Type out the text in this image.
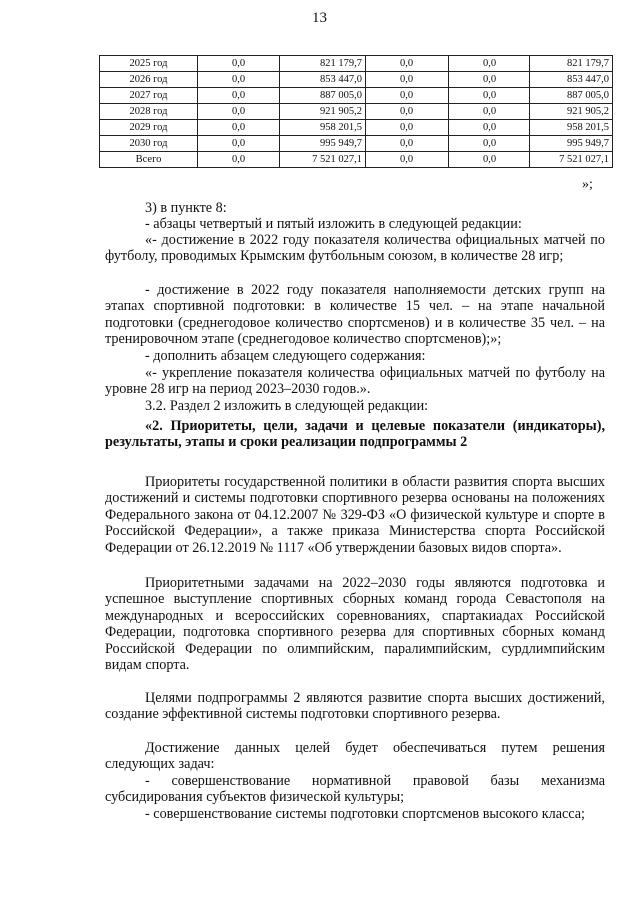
13
2025 год	0,0	821 179,7	0,0	0,0	821 179,7
2026 год	0,0	853 447,0	0,0	0,0	853 447,0
2027 год	0,0	887 005,0	0,0	0,0	887 005,0
2028 год	0,0	921 905,2	0,0	0,0	921 905,2
2029 год	0,0	958 201,5	0,0	0,0	958 201,5
2030 год	0,0	995 949,7	0,0	0,0	995 949,7
Всего	0,0	7 521 027,1	0,0	0,0	7 521 027,1
»;

3) в пункте 8:

- абзацы четвертый и пятый изложить в следующей редакции:

«- достижение в 2022 году показателя количества официальных матчей по футболу, проводимых Крымским футбольным союзом, в количестве 28 игр;

- достижение в 2022 году показателя наполняемости детских групп на этапах спортивной подготовки: в количестве 15 чел. – на этапе начальной подготовки (среднегодовое количество спортсменов) и в количестве 35 чел. – на тренировочном этапе (среднегодовое количество спортсменов);»;

- дополнить абзацем следующего содержания:

«- укрепление показателя количества официальных матчей по футболу на уровне 28 игр на период 2023–2030 годов.».

3.2. Раздел 2 изложить в следующей редакции:

«2. Приоритеты, цели, задачи и целевые показатели (индикаторы), результаты, этапы и сроки реализации подпрограммы 2

Приоритеты государственной политики в области развития спорта высших достижений и системы подготовки спортивного резерва основаны на положениях Федерального закона от 04.12.2007 № 329-ФЗ «О физической культуре и спорте в Российской Федерации», а также приказа Министерства спорта Российской Федерации от 26.12.2019 № 1117 «Об утверждении базовых видов спорта».

Приоритетными задачами на 2022–2030 годы являются подготовка и успешное выступление спортивных сборных команд города Севастополя на международных и всероссийских соревнованиях, спартакиадах Российской Федерации, подготовка спортивного резерва для спортивных сборных команд Российской Федерации по олимпийским, паралимпийским, сурдлимпийским видам спорта.

Целями подпрограммы 2 являются развитие спорта высших достижений, создание эффективной системы подготовки спортивного резерва.

Достижение данных целей будет обеспечиваться путем решения следующих задач:

- совершенствование нормативной правовой базы механизма субсидирования субъектов физической культуры;

- совершенствование системы подготовки спортсменов высокого класса;
